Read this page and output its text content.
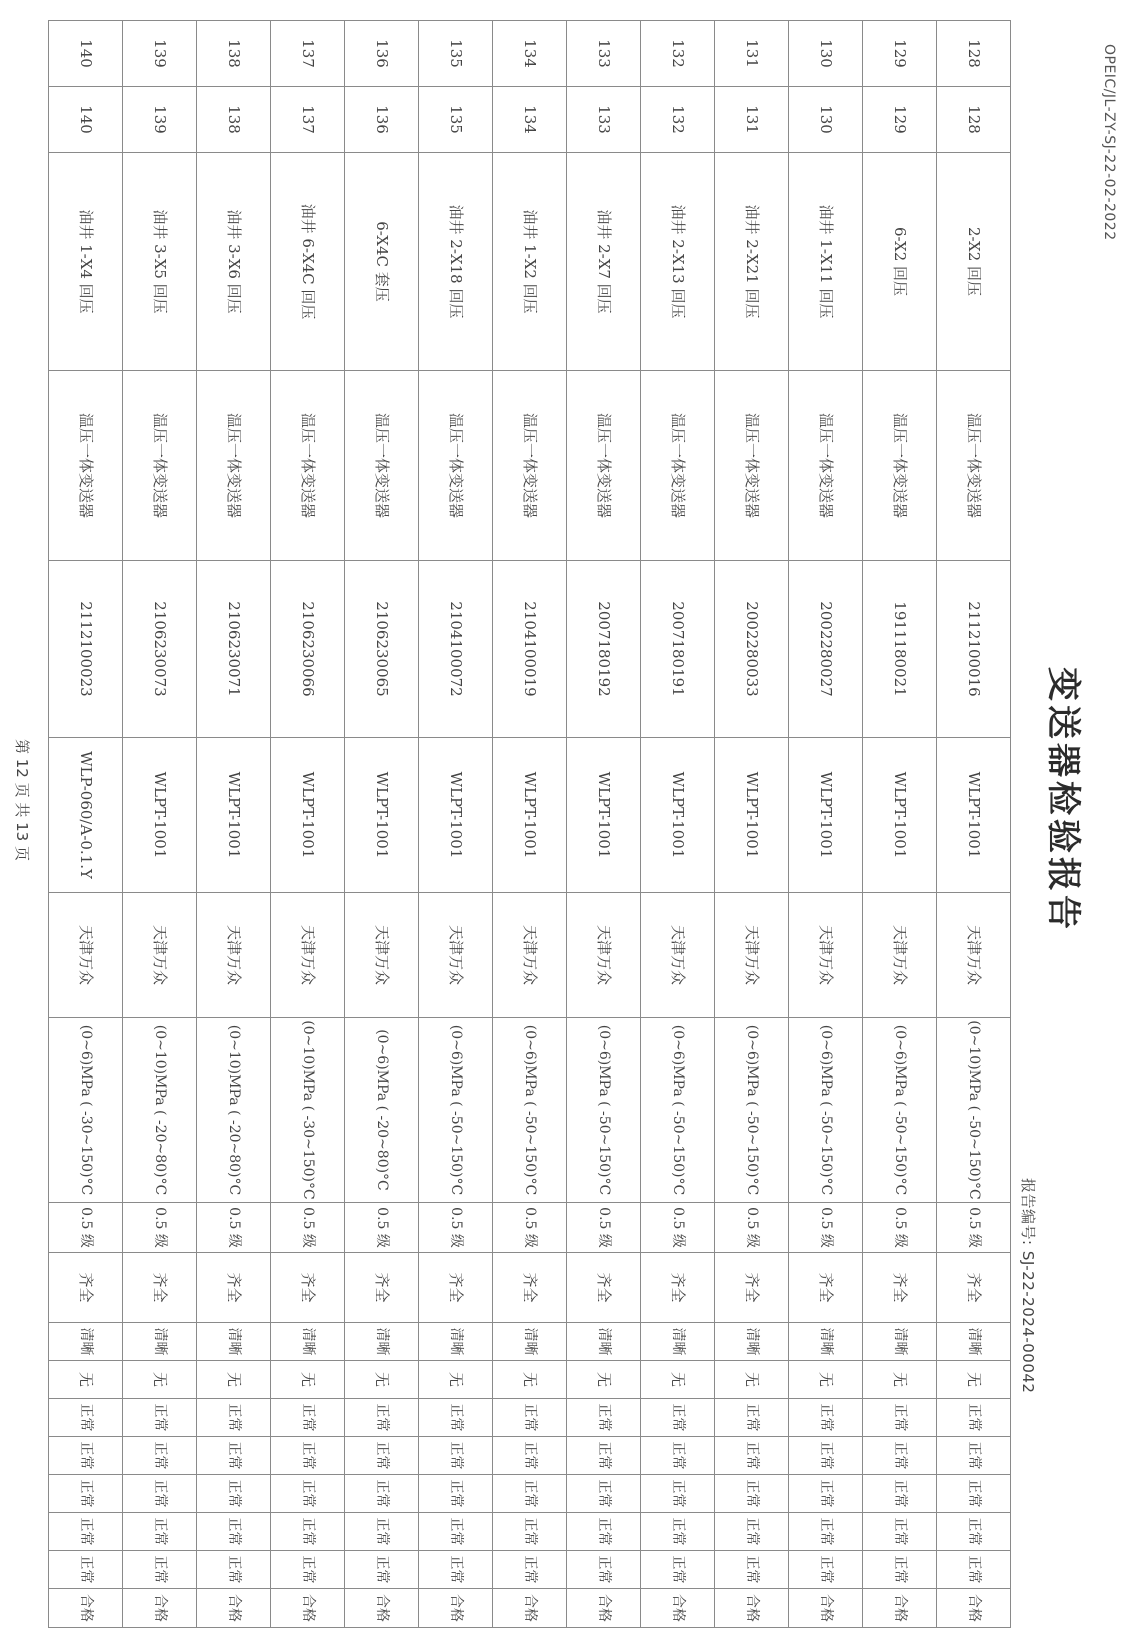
OPEIC/JL-ZY-SJ-22-02-2022
变送器检验报告
报告编号: SJ-22-2024-00042
128	128	2-X2 回压	温压一体变送器	2112100016	WLPT-1001	天津万众	(0~10)MPa ( -50~150)°C	0.5 级	齐全	清晰	无	正常	正常	正常	正常	正常	合格
129	129	6-X2 回压	温压一体变送器	1911180021	WLPT-1001	天津万众	(0~6)MPa ( -50~150)°C	0.5 级	齐全	清晰	无	正常	正常	正常	正常	正常	合格
130	130	油井 1-X11 回压	温压一体变送器	2002280027	WLPT-1001	天津万众	(0~6)MPa ( -50~150)°C	0.5 级	齐全	清晰	无	正常	正常	正常	正常	正常	合格
131	131	油井 2-X21 回压	温压一体变送器	2002280033	WLPT-1001	天津万众	(0~6)MPa ( -50~150)°C	0.5 级	齐全	清晰	无	正常	正常	正常	正常	正常	合格
132	132	油井 2-X13 回压	温压一体变送器	2007180191	WLPT-1001	天津万众	(0~6)MPa ( -50~150)°C	0.5 级	齐全	清晰	无	正常	正常	正常	正常	正常	合格
133	133	油井 2-X7 回压	温压一体变送器	2007180192	WLPT-1001	天津万众	(0~6)MPa ( -50~150)°C	0.5 级	齐全	清晰	无	正常	正常	正常	正常	正常	合格
134	134	油井 1-X2 回压	温压一体变送器	2104100019	WLPT-1001	天津万众	(0~6)MPa ( -50~150)°C	0.5 级	齐全	清晰	无	正常	正常	正常	正常	正常	合格
135	135	油井 2-X18 回压	温压一体变送器	2104100072	WLPT-1001	天津万众	(0~6)MPa ( -50~150)°C	0.5 级	齐全	清晰	无	正常	正常	正常	正常	正常	合格
136	136	6-X4C 套压	温压一体变送器	2106230065	WLPT-1001	天津万众	(0~6)MPa ( -20~80)°C	0.5 级	齐全	清晰	无	正常	正常	正常	正常	正常	合格
137	137	油井 6-X4C 回压	温压一体变送器	2106230066	WLPT-1001	天津万众	(0~10)MPa ( -30~150)°C	0.5 级	齐全	清晰	无	正常	正常	正常	正常	正常	合格
138	138	油井 3-X6 回压	温压一体变送器	2106230071	WLPT-1001	天津万众	(0~10)MPa ( -20~80)°C	0.5 级	齐全	清晰	无	正常	正常	正常	正常	正常	合格
139	139	油井 3-X5 回压	温压一体变送器	2106230073	WLPT-1001	天津万众	(0~10)MPa ( -20~80)°C	0.5 级	齐全	清晰	无	正常	正常	正常	正常	正常	合格
140	140	油井 1-X4 回压	温压一体变送器	2112100023	WLP-060/A-0.1.Y	天津万众	(0~6)MPa ( -30~150)°C	0.5 级	齐全	清晰	无	正常	正常	正常	正常	正常	合格
第 12 页 共 13 页
